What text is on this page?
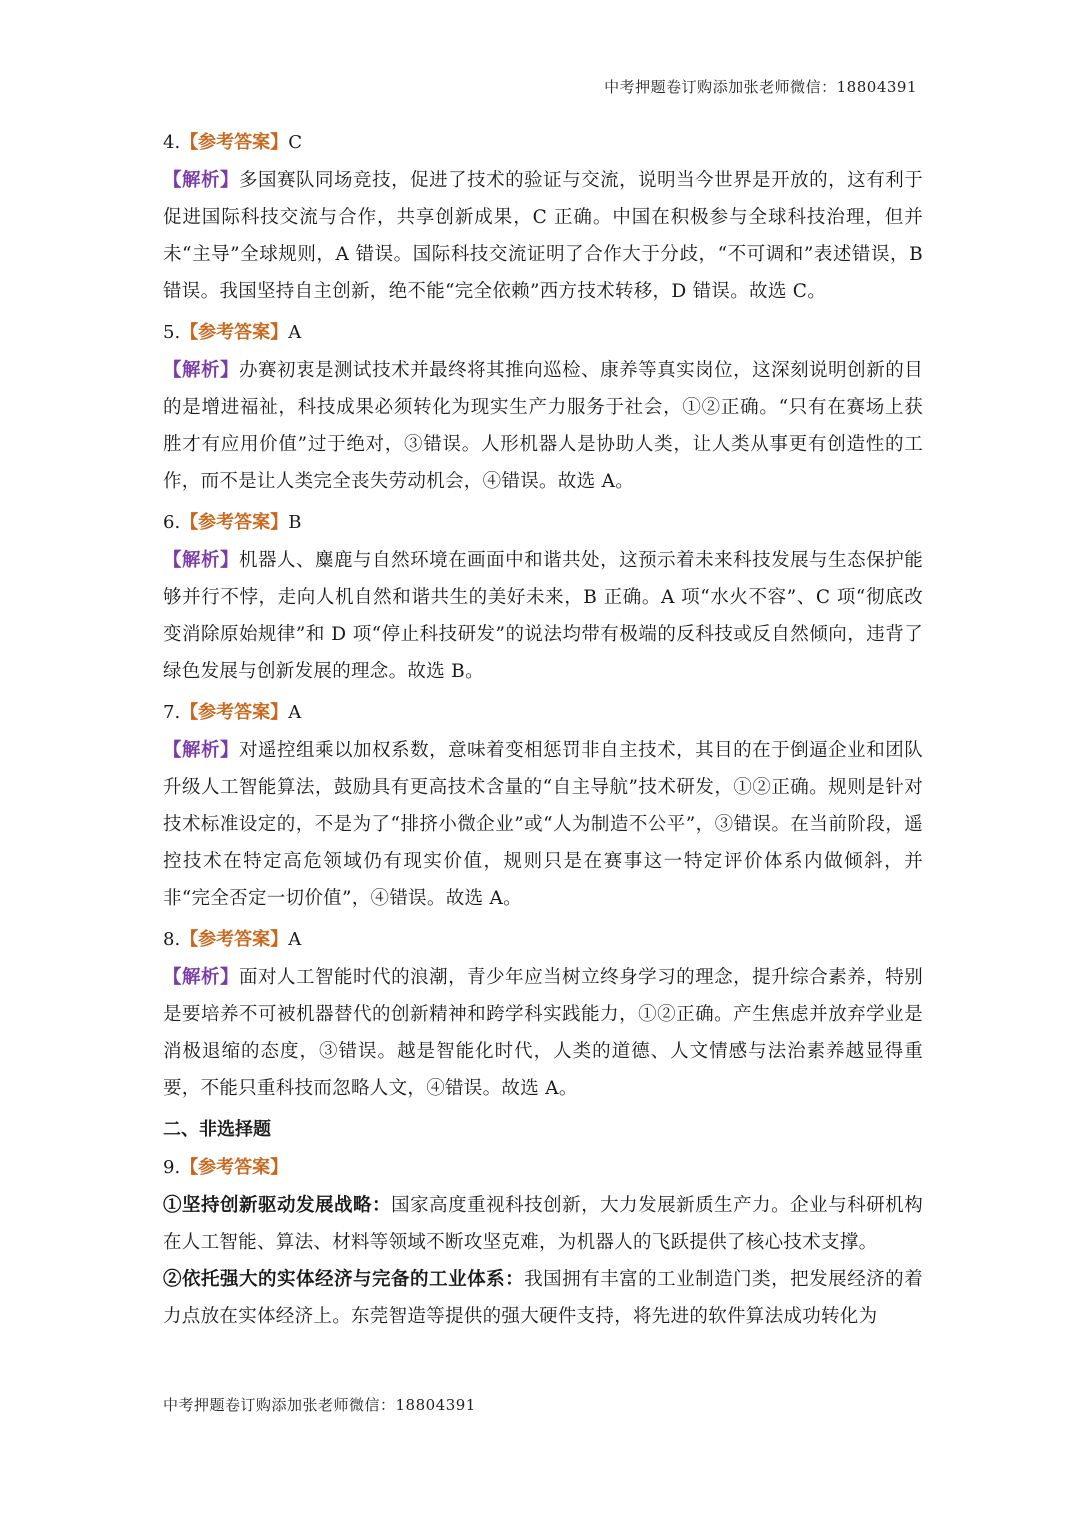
中考押题卷订购添加张老师微信：18804391
4.【参考答案】C
【解析】多国赛队同场竞技，促进了技术的验证与交流，说明当今世界是开放的，这有利于促进国际科技交流与合作，共享创新成果，C 正确。中国在积极参与全球科技治理，但并未“主导”全球规则，A 错误。国际科技交流证明了合作大于分歧，“不可调和”表述错误，B 错误。我国坚持自主创新，绝不能“完全依赖”西方技术转移，D 错误。故选 C。
5.【参考答案】A
【解析】办赛初衷是测试技术并最终将其推向巡检、康养等真实岗位，这深刻说明创新的目的是增进福祉，科技成果必须转化为现实生产力服务于社会，①②正确。“只有在赛场上获胜才有应用价值”过于绝对，③错误。人形机器人是协助人类，让人类从事更有创造性的工作，而不是让人类完全丧失劳动机会，④错误。故选 A。
6.【参考答案】B
【解析】机器人、麋鹿与自然环境在画面中和谐共处，这预示着未来科技发展与生态保护能够并行不悖，走向人机自然和谐共生的美好未来，B 正确。A 项“水火不容”、C 项“彻底改变消除原始规律”和 D 项“停止科技研发”的说法均带有极端的反科技或反自然倾向，违背了绿色发展与创新发展的理念。故选 B。
7.【参考答案】A
【解析】对遥控组乘以加权系数，意味着变相惩罚非自主技术，其目的在于倒逼企业和团队升级人工智能算法，鼓励具有更高技术含量的“自主导航”技术研发，①②正确。规则是针对技术标准设定的，不是为了“排挤小微企业”或“人为制造不公平”，③错误。在当前阶段，遥控技术在特定高危领域仍有现实价值，规则只是在赛事这一特定评价体系内做倾斜，并非“完全否定一切价值”，④错误。故选 A。
8.【参考答案】A
【解析】面对人工智能时代的浪潮，青少年应当树立终身学习的理念，提升综合素养，特别是要培养不可被机器替代的创新精神和跨学科实践能力，①②正确。产生焦虑并放弃学业是消极退缩的态度，③错误。越是智能化时代，人类的道德、人文情感与法治素养越显得重要，不能只重科技而忽略人文，④错误。故选 A。
二、非选择题
9.【参考答案】
①坚持创新驱动发展战略：国家高度重视科技创新，大力发展新质生产力。企业与科研机构在人工智能、算法、材料等领域不断攻坚克难，为机器人的飞跃提供了核心技术支撑。
②依托强大的实体经济与完备的工业体系：我国拥有丰富的工业制造门类，把发展经济的着力点放在实体经济上。东莞智造等提供的强大硬件支持，将先进的软件算法成功转化为
中考押题卷订购添加张老师微信：18804391
